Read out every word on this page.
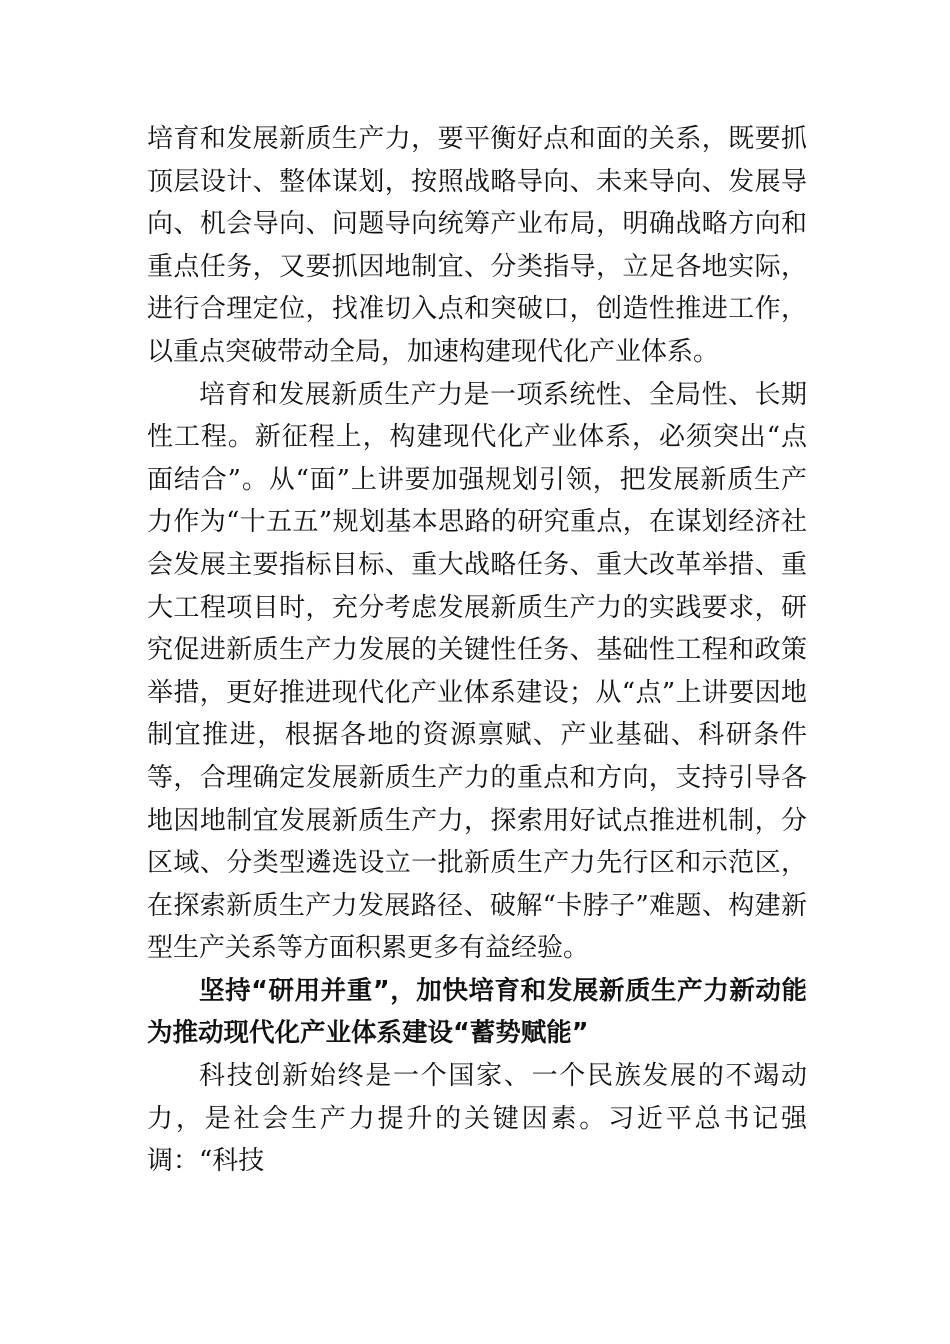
培育和发展新质生产力，要平衡好点和面的关系，既要抓顶层设计、整体谋划，按照战略导向、未来导向、发展导向、机会导向、问题导向统筹产业布局，明确战略方向和重点任务，又要抓因地制宜、分类指导，立足各地实际，进行合理定位，找准切入点和突破口，创造性推进工作，以重点突破带动全局，加速构建现代化产业体系。

培育和发展新质生产力是一项系统性、全局性、长期性工程。新征程上，构建现代化产业体系，必须突出“点面结合”。从“面”上讲要加强规划引领，把发展新质生产力作为“十五五”规划基本思路的研究重点，在谋划经济社会发展主要指标目标、重大战略任务、重大改革举措、重大工程项目时，充分考虑发展新质生产力的实践要求，研究促进新质生产力发展的关键性任务、基础性工程和政策举措，更好推进现代化产业体系建设；从“点”上讲要因地制宜推进，根据各地的资源禀赋、产业基础、科研条件等，合理确定发展新质生产力的重点和方向，支持引导各地因地制宜发展新质生产力，探索用好试点推进机制，分区域、分类型遴选设立一批新质生产力先行区和示范区，在探索新质生产力发展路径、破解“卡脖子”难题、构建新型生产关系等方面积累更多有益经验。

坚持“研用并重”，加快培育和发展新质生产力新动能为推动现代化产业体系建设“蓄势赋能”

科技创新始终是一个国家、一个民族发展的不竭动力，是社会生产力提升的关键因素。习近平总书记强调：“科技
